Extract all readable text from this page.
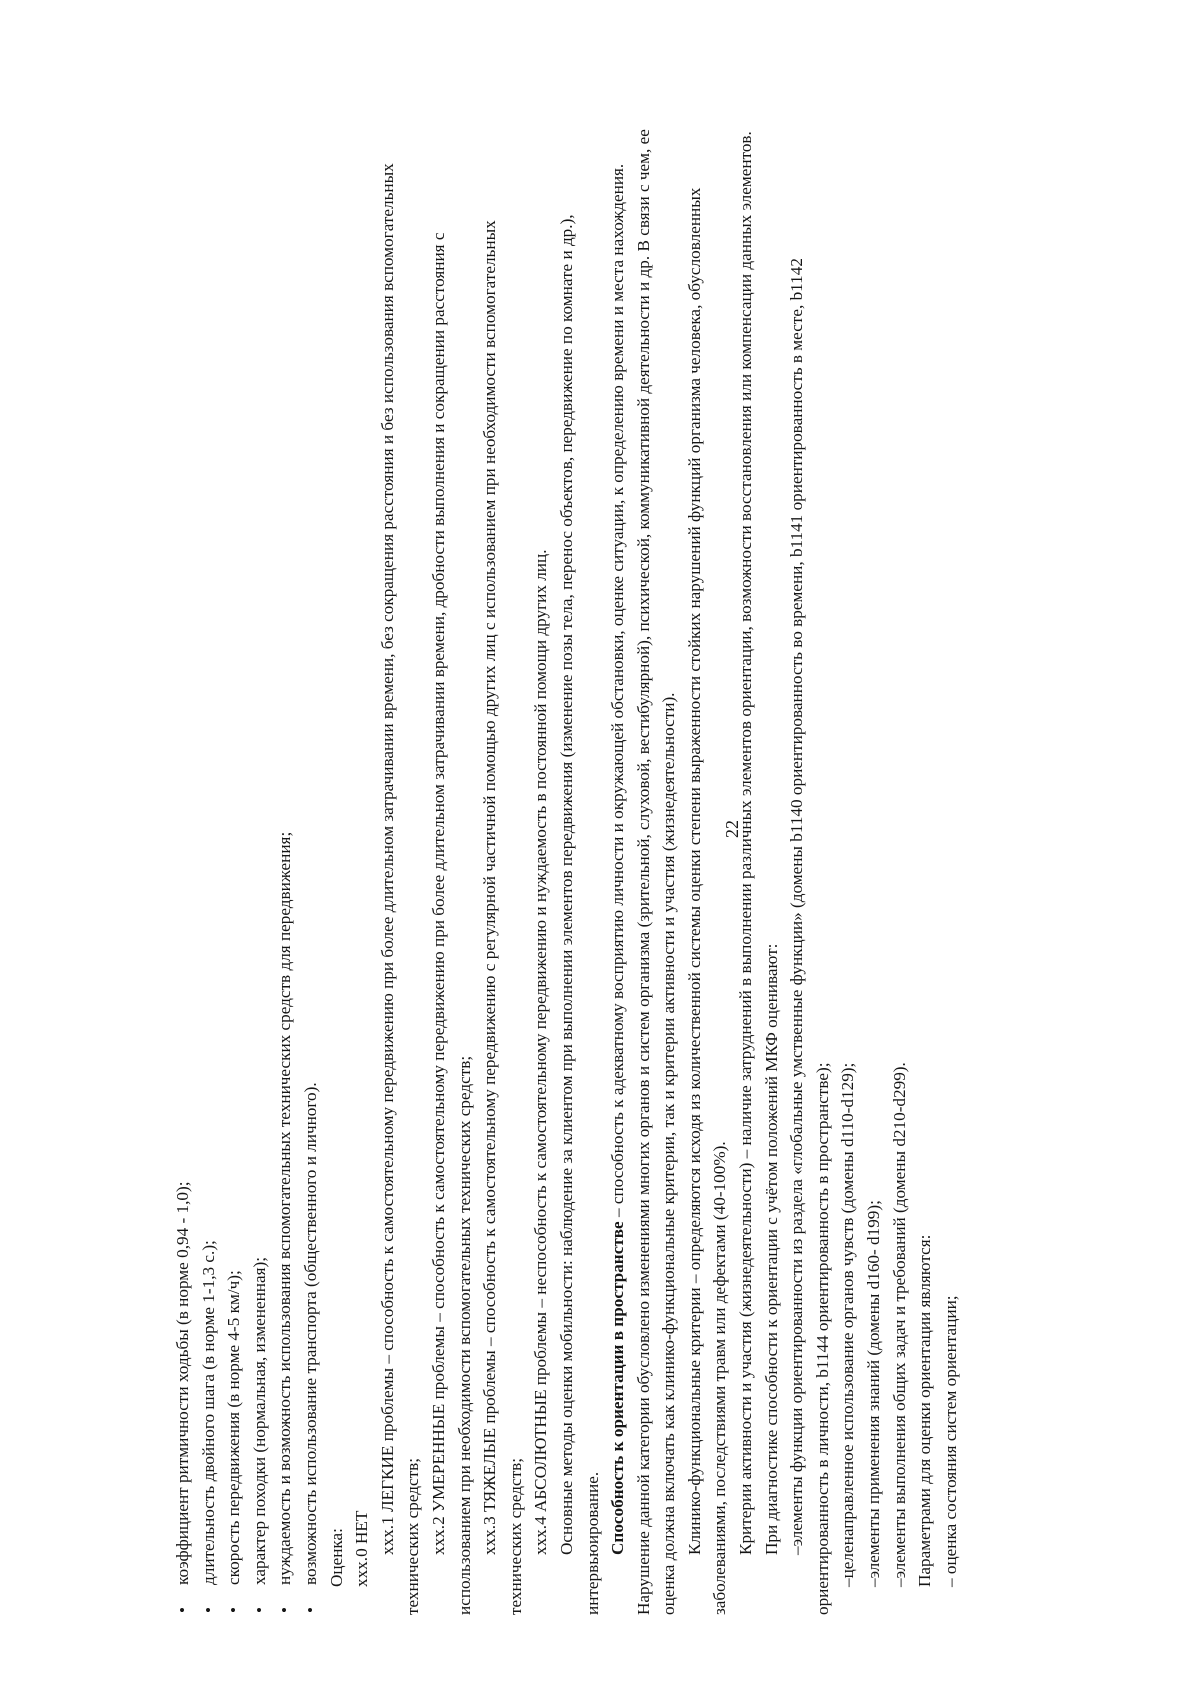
22
• коэффициент ритмичности ходьбы (в норме 0,94 - 1,0); • длительность двойного шага (в норме 1-1,3 с.); • скорость передвижения (в норме 4-5 км/ч); • характер походки (нормальная, измененная); • нуждаемость и возможность использования вспомогательных технических средств для передвижения; • возможность использование транспорта (общественного и личного). Оценка: xxx.0 НЕТ xxx.1 ЛЕГКИЕ проблемы – способность к самостоятельному передвижению при более длительном затрачивании времени, без сокращения расстояния и без использования вспомогательных технических средств; xxx.2 УМЕРЕННЫЕ проблемы – способность к самостоятельному передвижению при более длительном затрачивании времени, дробности выполнения и сокращении расстояния с использованием при необходимости вспомогательных технических средств; xxx.3 ТЯЖЕЛЫЕ проблемы – способность к самостоятельному передвижению с регулярной частичной помощью других лиц с использованием при необходимости вспомогательных технических средств; xxx.4 АБСОЛЮТНЫЕ проблемы – неспособность к самостоятельному передвижению и нуждаемость в постоянной помощи других лиц. Основные методы оценки мобильности: наблюдение за клиентом при выполнении элементов передвижения (изменение позы тела, перенос объектов, передвижение по комнате и др.), интервьюирование. Способность к ориентации в пространстве – способность к адекватному восприятию личности и окружающей обстановки, оценке ситуации, к определению времени и места нахождения. Нарушение данной категории обусловлено изменениями многих органов и систем организма (зрительной, слуховой, вестибулярной), психической, коммуникативной деятельности и др. В связи с чем, ее оценка должна включать как клинико-функциональные критерии, так и критерии активности и участия (жизнедеятельности). Клинико-функциональные критерии – определяются исходя из количественной системы оценки степени выраженности стойких нарушений функций организма человека, обусловленных заболеваниями, последствиями травм или дефектами (40-100%). Критерии активности и участия (жизнедеятельности) – наличие затруднений в выполнении различных элементов ориентации, возможности восстановления или компенсации данных элементов. При диагностике способности к ориентации с учётом положений МКФ оценивают: –элементы функции ориентированности из раздела «глобальные умственные функции» (домены b1140 ориентированность во времени, b1141 ориентированность в месте, b1142 ориентированность в личности, b1144 ориентированность в пространстве); –целенаправленное использование органов чувств (домены d110-d129); –элементы применения знаний (домены d160- d199); –элементы выполнения общих задач и требований (домены d210-d299). Параметрами для оценки ориентации являются: – оценка состояния систем ориентации;
